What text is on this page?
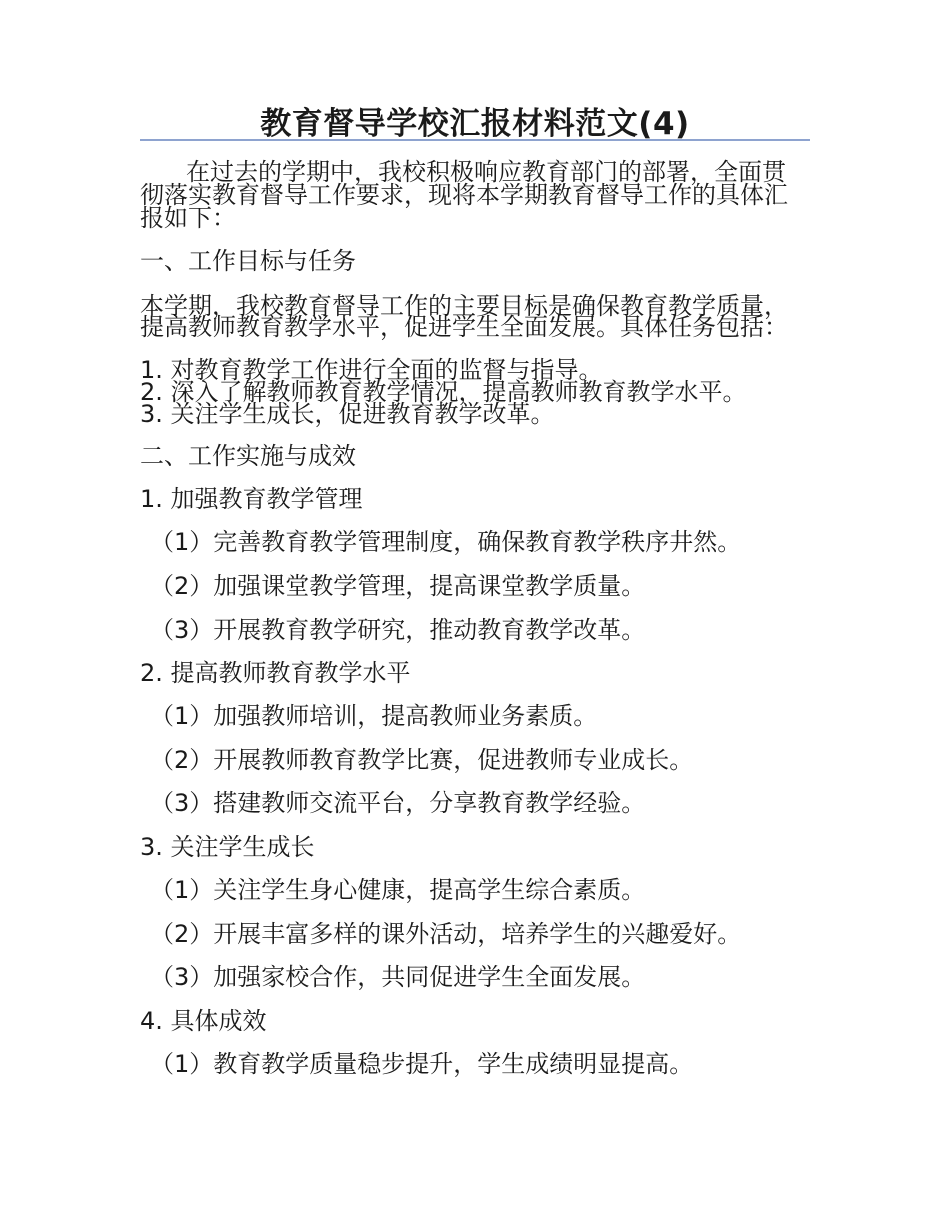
教育督导学校汇报材料范文(4)
在过去的学期中，我校积极响应教育部门的部署，全面贯
彻落实教育督导工作要求，现将本学期教育督导工作的具体汇
报如下：
一、工作目标与任务
本学期，我校教育督导工作的主要目标是确保教育教学质量，
提高教师教育教学水平，促进学生全面发展。具体任务包括：
1. 对教育教学工作进行全面的监督与指导。
2. 深入了解教师教育教学情况，提高教师教育教学水平。
3. 关注学生成长，促进教育教学改革。
二、工作实施与成效
1. 加强教育教学管理
（1）完善教育教学管理制度，确保教育教学秩序井然。
（2）加强课堂教学管理，提高课堂教学质量。
（3）开展教育教学研究，推动教育教学改革。
2. 提高教师教育教学水平
（1）加强教师培训，提高教师业务素质。
（2）开展教师教育教学比赛，促进教师专业成长。
（3）搭建教师交流平台，分享教育教学经验。
3. 关注学生成长
（1）关注学生身心健康，提高学生综合素质。
（2）开展丰富多样的课外活动，培养学生的兴趣爱好。
（3）加强家校合作，共同促进学生全面发展。
4. 具体成效
（1）教育教学质量稳步提升，学生成绩明显提高。
